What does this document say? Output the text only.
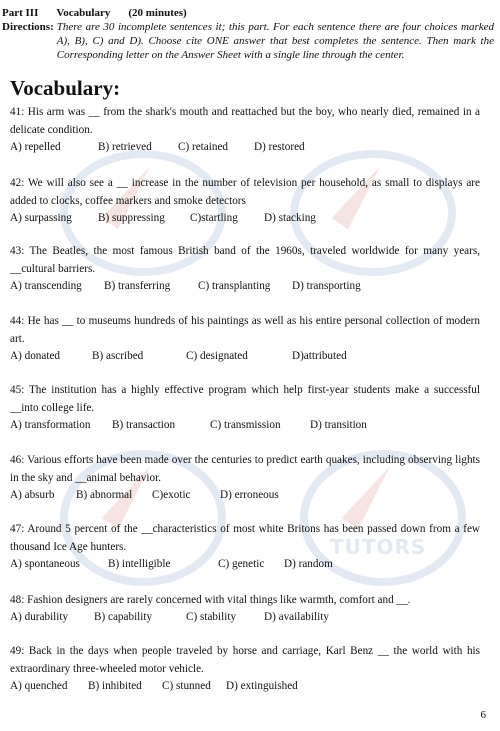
TUTORS
Part III Vocabulary (20 minutes)
Directions: There are 30 incomplete sentences it; this part. For each sentence there are four choices marked A), B), C) and D). Choose cite ONE answer that best completes the sentence. Then mark the Corresponding letter on the Answer Sheet with a single line through the center.
Vocabulary:
41: His arm was __ from the shark's mouth and reattached but the boy, who nearly died, remained in a delicate condition.
A) repelled	B) retrieved C) retained D) restored
42: We will also see a __ increase in the number of television per household, as small to displays are added to clocks, coffee markers and smoke detectors
A) surpassing B) suppressing C)startling D) stacking
43: The Beatles, the most famous British band of the 1960s, traveled worldwide for many years, __cultural barriers.
A) transcending B) transferring C) transplanting D) transporting
44: He has __ to museums hundreds of his paintings as well as his entire personal collection of modern art.
A) donated	B) ascribed	C) designated	D)attributed
45: The institution has a highly effective program which help first-year students make a successful __into college life.
A) transformation B) transaction	C) transmission	D) transition
46: Various efforts have been made over the centuries to predict earth quakes, including observing lights in the sky and __animal behavior.
A) absurb B) abnormal C)exotic	D) erroneous
47: Around 5 percent of the __characteristics of most white Britons has been passed down from a few thousand Ice Age hunters.
A) spontaneous	B) intelligible	C) genetic D) random
48: Fashion designers are rarely concerned with vital things like warmth, comfort and __.
A) durability B) capability	C) stability D) availability
49: Back in the days when people traveled by horse and carriage, Karl Benz __ the world with his extraordinary three-wheeled motor vehicle.
A) quenched B) inhibited C) stunned D) extinguished
6
